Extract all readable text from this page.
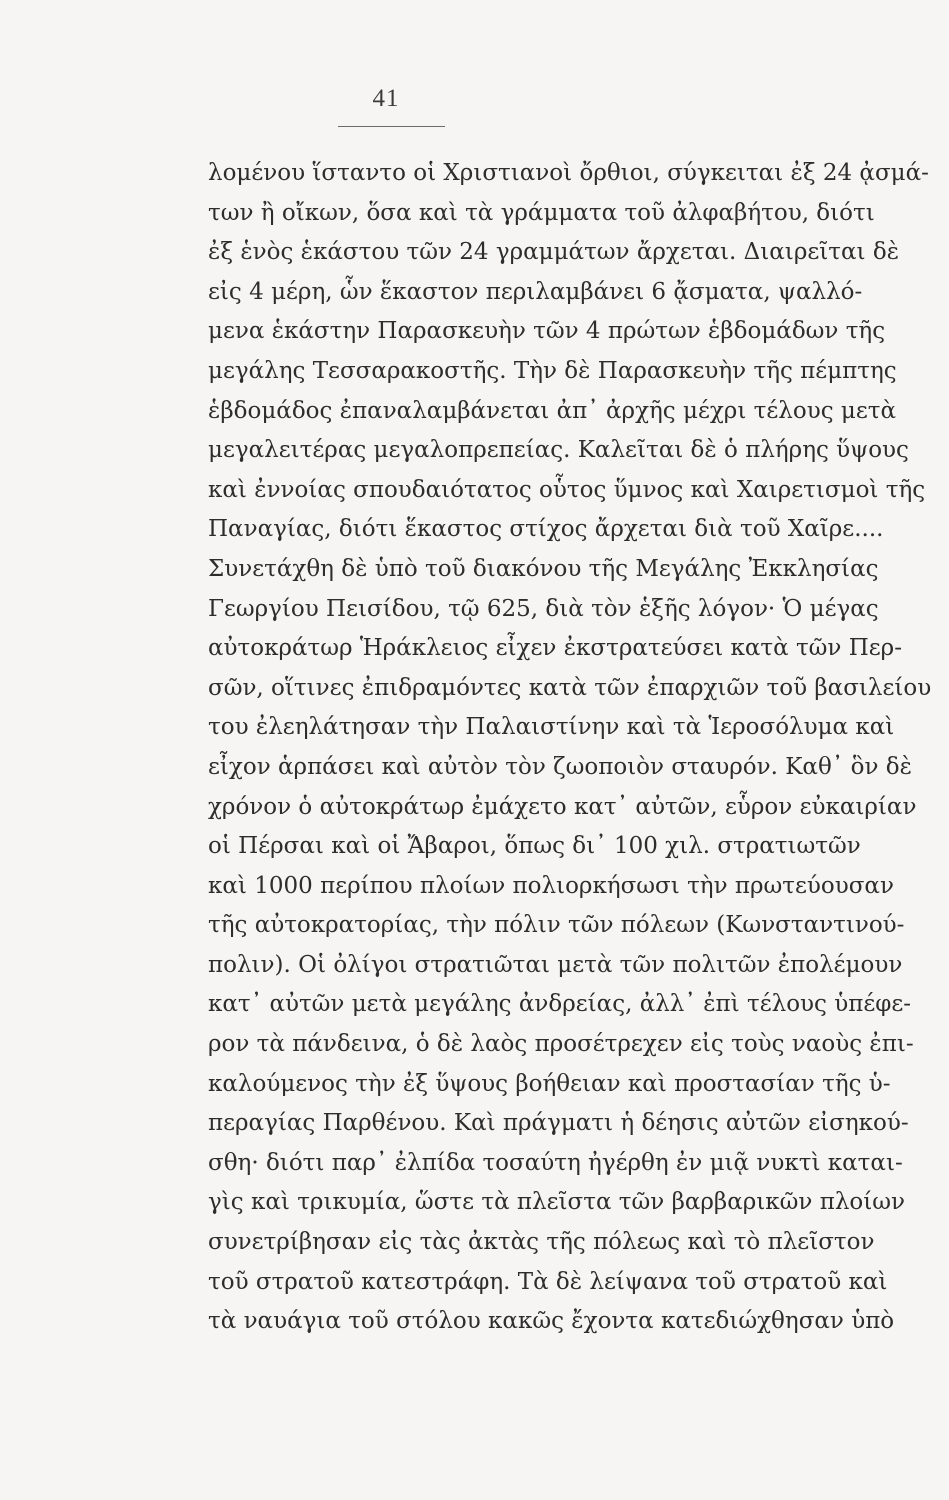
41
λομένου ἵσταντο οἱ Χριστιανοὶ ὄρθιοι, σύγκειται ἐξ 24 ᾀσμά-
των ἢ οἴκων, ὅσα καὶ τὰ γράμματα τοῦ ἀλφαβήτου, διότι
ἐξ ἑνὸς ἑκάστου τῶν 24 γραμμάτων ἄρχεται. Διαιρεῖται δὲ
εἰς 4 μέρη, ὧν ἕκαστον περιλαμβάνει 6 ᾄσματα, ψαλλό-
μενα ἑκάστην Παρασκευὴν τῶν 4 πρώτων ἑβδομάδων τῆς
μεγάλης Τεσσαρακοστῆς. Τὴν δὲ Παρασκευὴν τῆς πέμπτης
ἑβδομάδος ἐπαναλαμβάνεται ἀπ᾿ ἀρχῆς μέχρι τέλους μετὰ
μεγαλειτέρας μεγαλοπρεπείας. Καλεῖται δὲ ὁ πλήρης ὕψους
καὶ ἐννοίας σπουδαιότατος οὗτος ὕμνος καὶ Χαιρετισμοὶ τῆς
Παναγίας, διότι ἕκαστος στίχος ἄρχεται διὰ τοῦ Χαῖρε....
Συνετάχθη δὲ ὑπὸ τοῦ διακόνου τῆς Μεγάλης Ἐκκλησίας
Γεωργίου Πεισίδου, τῷ 625, διὰ τὸν ἑξῆς λόγον· Ὁ μέγας
αὐτοκράτωρ Ἡράκλειος εἶχεν ἐκστρατεύσει κατὰ τῶν Περ-
σῶν, οἵτινες ἐπιδραμόντες κατὰ τῶν ἐπαρχιῶν τοῦ βασιλείου
του ἐλεηλάτησαν τὴν Παλαιστίνην καὶ τὰ Ἱεροσόλυμα καὶ
εἶχον ἁρπάσει καὶ αὐτὸν τὸν ζωοποιὸν σταυρόν. Καθ᾿ ὃν δὲ
χρόνον ὁ αὐτοκράτωρ ἐμάχετο κατ᾿ αὐτῶν, εὗρον εὐκαιρίαν
οἱ Πέρσαι καὶ οἱ Ἄβαροι, ὅπως δι᾿ 100 χιλ. στρατιωτῶν
καὶ 1000 περίπου πλοίων πολιορκήσωσι τὴν πρωτεύουσαν
τῆς αὐτοκρατορίας, τὴν πόλιν τῶν πόλεων (Κωνσταντινού-
πολιν). Οἱ ὀλίγοι στρατιῶται μετὰ τῶν πολιτῶν ἐπολέμουν
κατ᾿ αὐτῶν μετὰ μεγάλης ἀνδρείας, ἀλλ᾿ ἐπὶ τέλους ὑπέφε-
ρον τὰ πάνδεινα, ὁ δὲ λαὸς προσέτρεχεν εἰς τοὺς ναοὺς ἐπι-
καλούμενος τὴν ἐξ ὕψους βοήθειαν καὶ προστασίαν τῆς ὑ-
περαγίας Παρθένου. Καὶ πράγματι ἡ δέησις αὐτῶν εἰσηκού-
σθη· διότι παρ᾿ ἐλπίδα τοσαύτη ἠγέρθη ἐν μιᾷ νυκτὶ καται-
γὶς καὶ τρικυμία, ὥστε τὰ πλεῖστα τῶν βαρβαρικῶν πλοίων
συνετρίβησαν εἰς τὰς ἀκτὰς τῆς πόλεως καὶ τὸ πλεῖστον
τοῦ στρατοῦ κατεστράφη. Τὰ δὲ λείψανα τοῦ στρατοῦ καὶ
τὰ ναυάγια τοῦ στόλου κακῶς ἔχοντα κατεδιώχθησαν ὑπὸ
